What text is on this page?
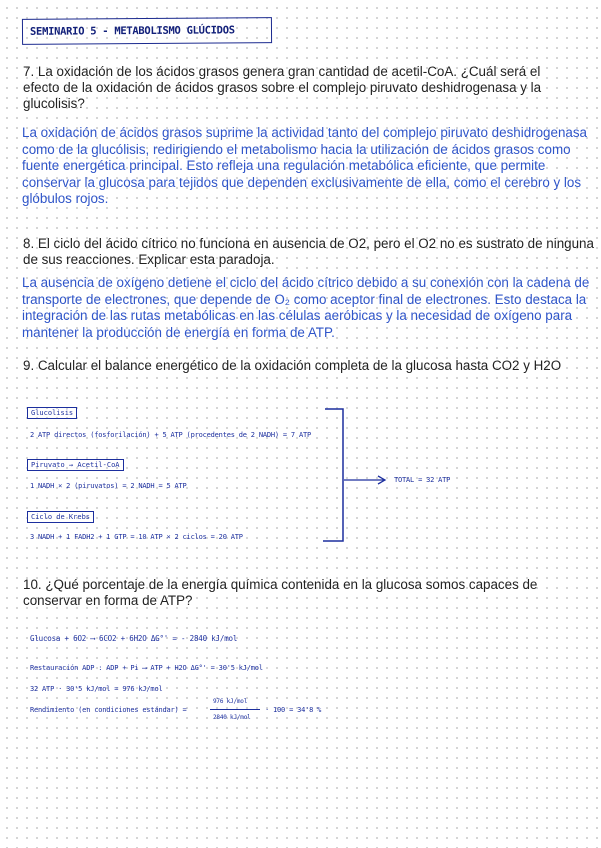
SEMINARIO 5 - METABOLISMO GLÚCIDOS
7. La oxidación de los ácidos grasos genera gran cantidad de acetil-CoA. ¿Cuál será el efecto de la oxidación de ácidos grasos sobre el complejo piruvato deshidrogenasa y la glucolisis?
La oxidación de ácidos grasos suprime la actividad tanto del complejo piruvato deshidrogenasa como de la glucólisis, redirigiendo el metabolismo hacia la utilización de ácidos grasos como fuente energética principal. Esto refleja una regulación metabólica eficiente, que permite conservar la glucosa para tejidos que dependen exclusivamente de ella, como el cerebro y los glóbulos rojos.
8. El ciclo del ácido cítrico no funciona en ausencia de O2, pero el O2 no es sustrato de ninguna de sus reacciones. Explicar esta paradoja.
La ausencia de oxígeno detiene el ciclo del ácido cítrico debido a su conexión con la cadena de transporte de electrones, que depende de O₂ como aceptor final de electrones. Esto destaca la integración de las rutas metabólicas en las células aeróbicas y la necesidad de oxígeno para mantener la producción de energía en forma de ATP.
9. Calcular el balance energético de la oxidación completa de la glucosa hasta CO2 y H2O
Glucolisis
2 ATP directos (fosforilación) + 5 ATP (procedentes de 2 NADH) = 7 ATP
Piruvato → Acetil-CoA
1 NADH × 2 (piruvatos) = 2 NADH = 5 ATP
Ciclo de Krebs
3 NADH + 1 FADH2 + 1 GTP = 10 ATP × 2 ciclos = 20 ATP
TOTAL = 32 ATP
10. ¿Qué porcentaje de la energía química contenida en la glucosa somos capaces de conservar en forma de ATP?
Glucosa + 6O2 ⟶ 6CO2 + 6H2O ΔG°' = - 2840 kJ/mol
Restauración ADP : ADP + Pi ⟶ ATP + H2O ΔG°' = 30'5 kJ/mol
32 ATP · 30'5 kJ/mol = 976 kJ/mol
Rendimiento (en condiciones estándar) =
976 kJ/mol
2840 kJ/mol
· 100 = 34'8 %
